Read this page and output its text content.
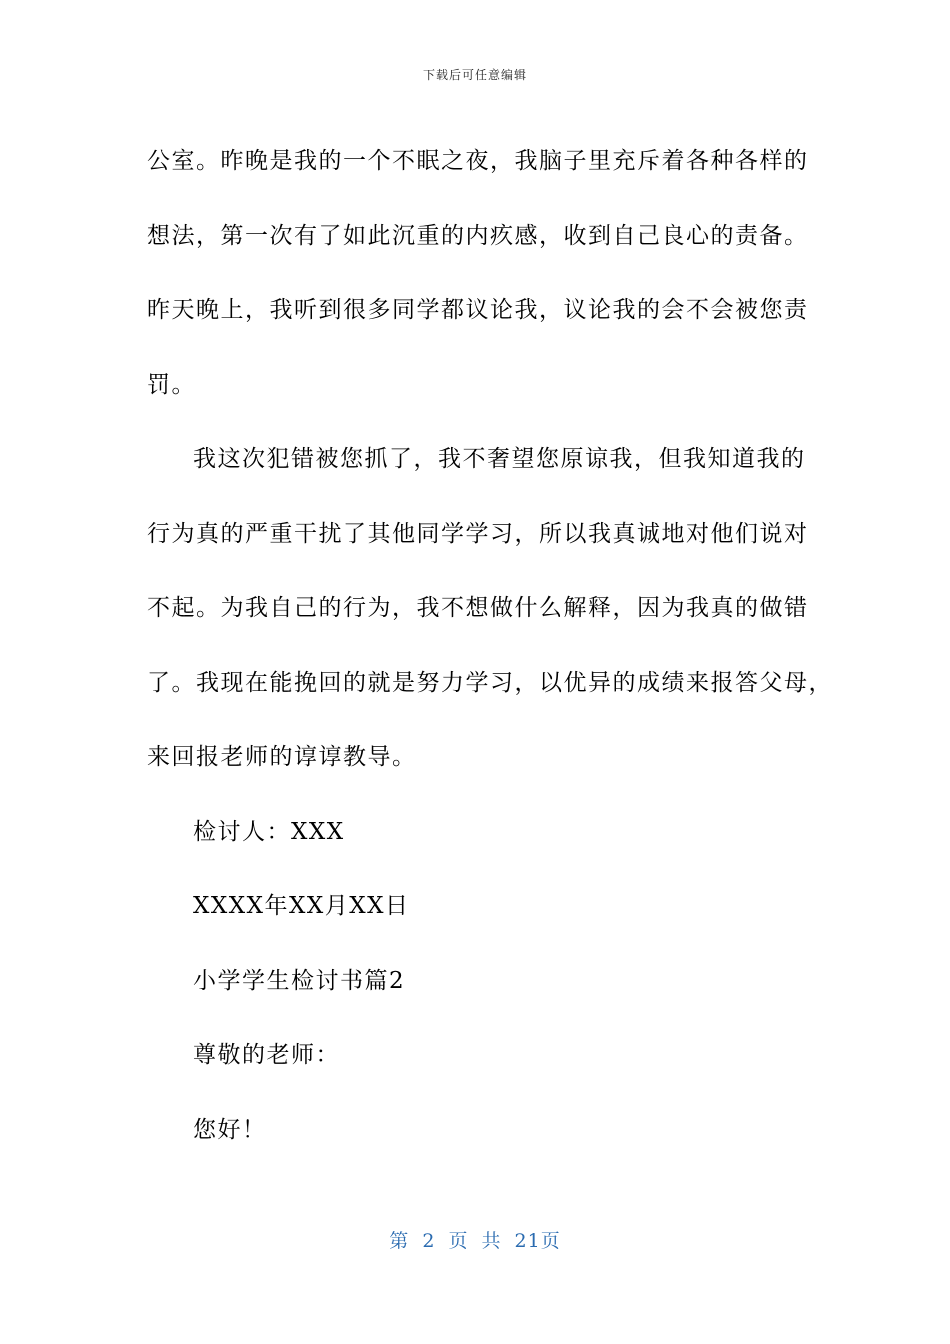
下载后可任意编辑
公室。昨晚是我的一个不眠之夜，我脑子里充斥着各种各样的
想法，第一次有了如此沉重的内疚感，收到自己良心的责备。
昨天晚上，我听到很多同学都议论我，议论我的会不会被您责
罚。
我这次犯错被您抓了，我不奢望您原谅我，但我知道我的
行为真的严重干扰了其他同学学习，所以我真诚地对他们说对
不起。为我自己的行为，我不想做什么解释，因为我真的做错
了。我现在能挽回的就是努力学习，以优异的成绩来报答父母，
来回报老师的谆谆教导。
检讨人：XXX
XXXX年XX月XX日
小学学生检讨书篇2
尊敬的老师：
您好！
第 2 页 共 21页
